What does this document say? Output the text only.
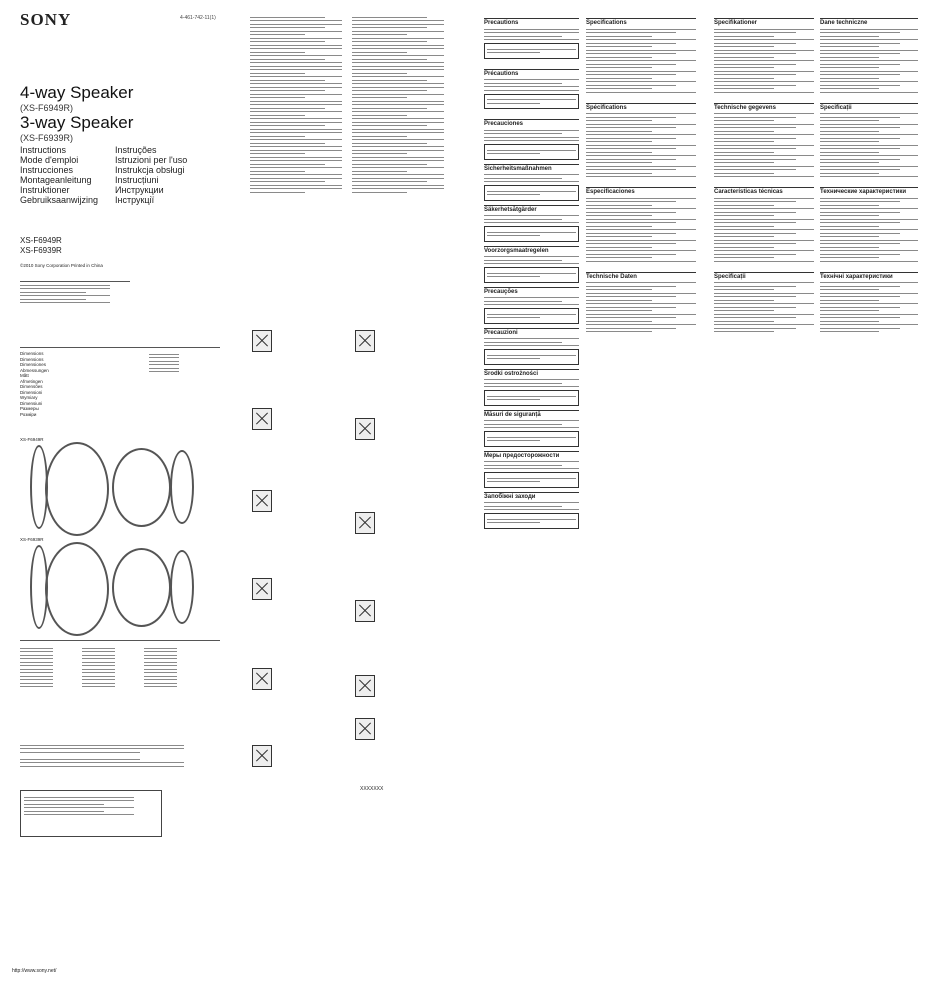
SONY	4-461-742-11(1)
4-way Speaker
(XS-F6949R)
3-way Speaker
(XS-F6939R)
Instructions
Mode d'emploi
Instrucciones
Montageanleitung
Instruktioner
Gebruiksaanwijzing
Instruções
Istruzioni per l'uso
Instrukcja obsługi
Instrucțiuni
Инструкции
Інструкції
XS-F6949R
XS-F6939R
©2010 Sony Corporation Printed in China
Dimensions
Dimensions
Dimensiones
Abmessungen
Mått
Afmetingen
Dimensões
Dimensioni
Wymiary
Dimensiuni
Размеры
Розміри
XS-F6949R
XS-F6939R
XXXXXXX
Precautions
Précautions
Precauciones
Sicherheitsmaßnahmen
Säkerhetsåtgärder
Voorzorgsmaatregelen
Precauções
Precauzioni
Środki ostrożności
Măsuri de siguranță
Меры предосторожности
Запобіжні заходи
Specifications
Spécifications
Especificaciones
Technische Daten
Specifikationer
Technische gegevens
Características técnicas
Specificații
Dane techniczne
Specificații
Технические характеристики
Технічні характеристики
http://www.sony.net/
